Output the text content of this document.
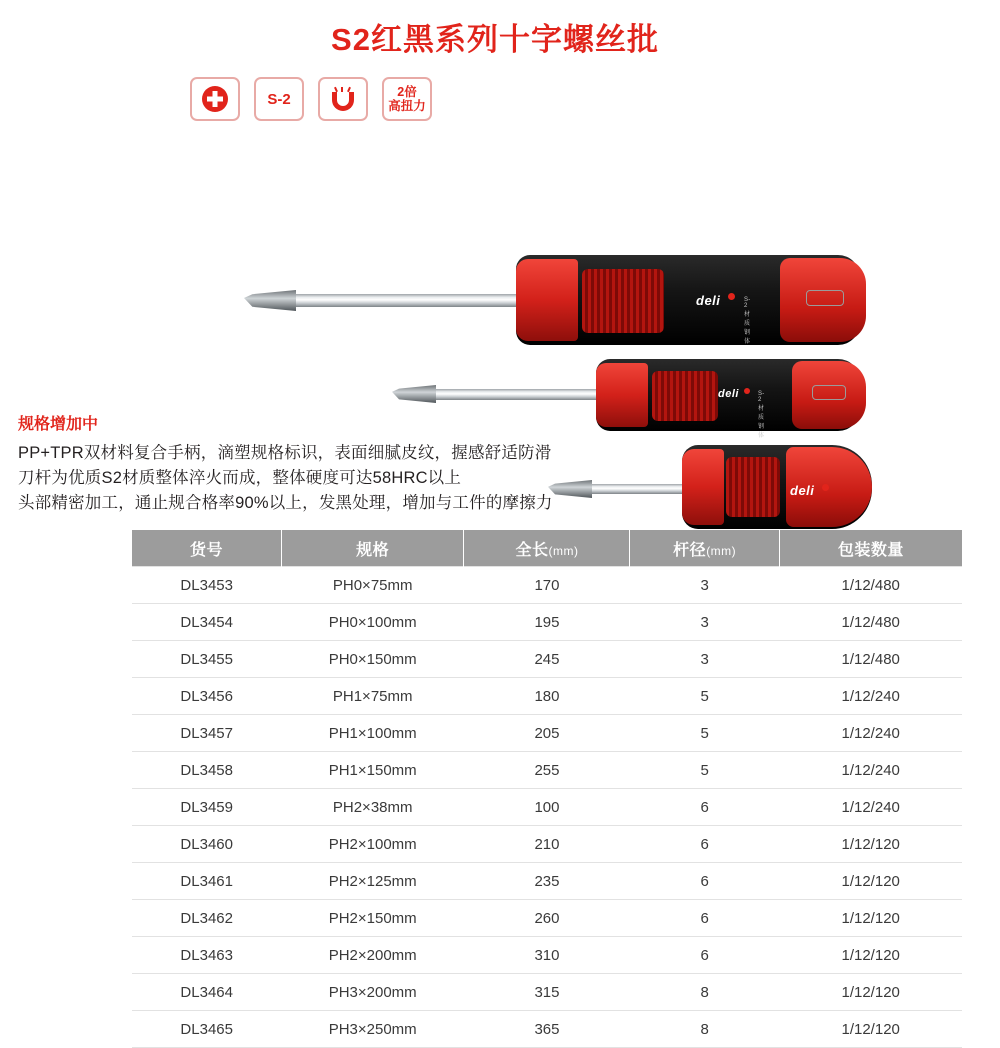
S2红黑系列十字螺丝批
S-2	2倍
高扭力
deli	S-2材质钢体
deli	S-2材质钢体
deli
规格增加中
PP+TPR双材料复合手柄，滴塑规格标识，表面细腻皮纹，握感舒适防滑
刀杆为优质S2材质整体淬火而成，整体硬度可达58HRC以上
头部精密加工，通止规合格率90%以上，发黑处理，增加与工件的摩擦力
货号	规格	全长(mm)	杆径(mm)	包装数量
DL3453	PH0×75mm	170	3	1/12/480
DL3454	PH0×100mm	195	3	1/12/480
DL3455	PH0×150mm	245	3	1/12/480
DL3456	PH1×75mm	180	5	1/12/240
DL3457	PH1×100mm	205	5	1/12/240
DL3458	PH1×150mm	255	5	1/12/240
DL3459	PH2×38mm	100	6	1/12/240
DL3460	PH2×100mm	210	6	1/12/120
DL3461	PH2×125mm	235	6	1/12/120
DL3462	PH2×150mm	260	6	1/12/120
DL3463	PH2×200mm	310	6	1/12/120
DL3464	PH3×200mm	315	8	1/12/120
DL3465	PH3×250mm	365	8	1/12/120
